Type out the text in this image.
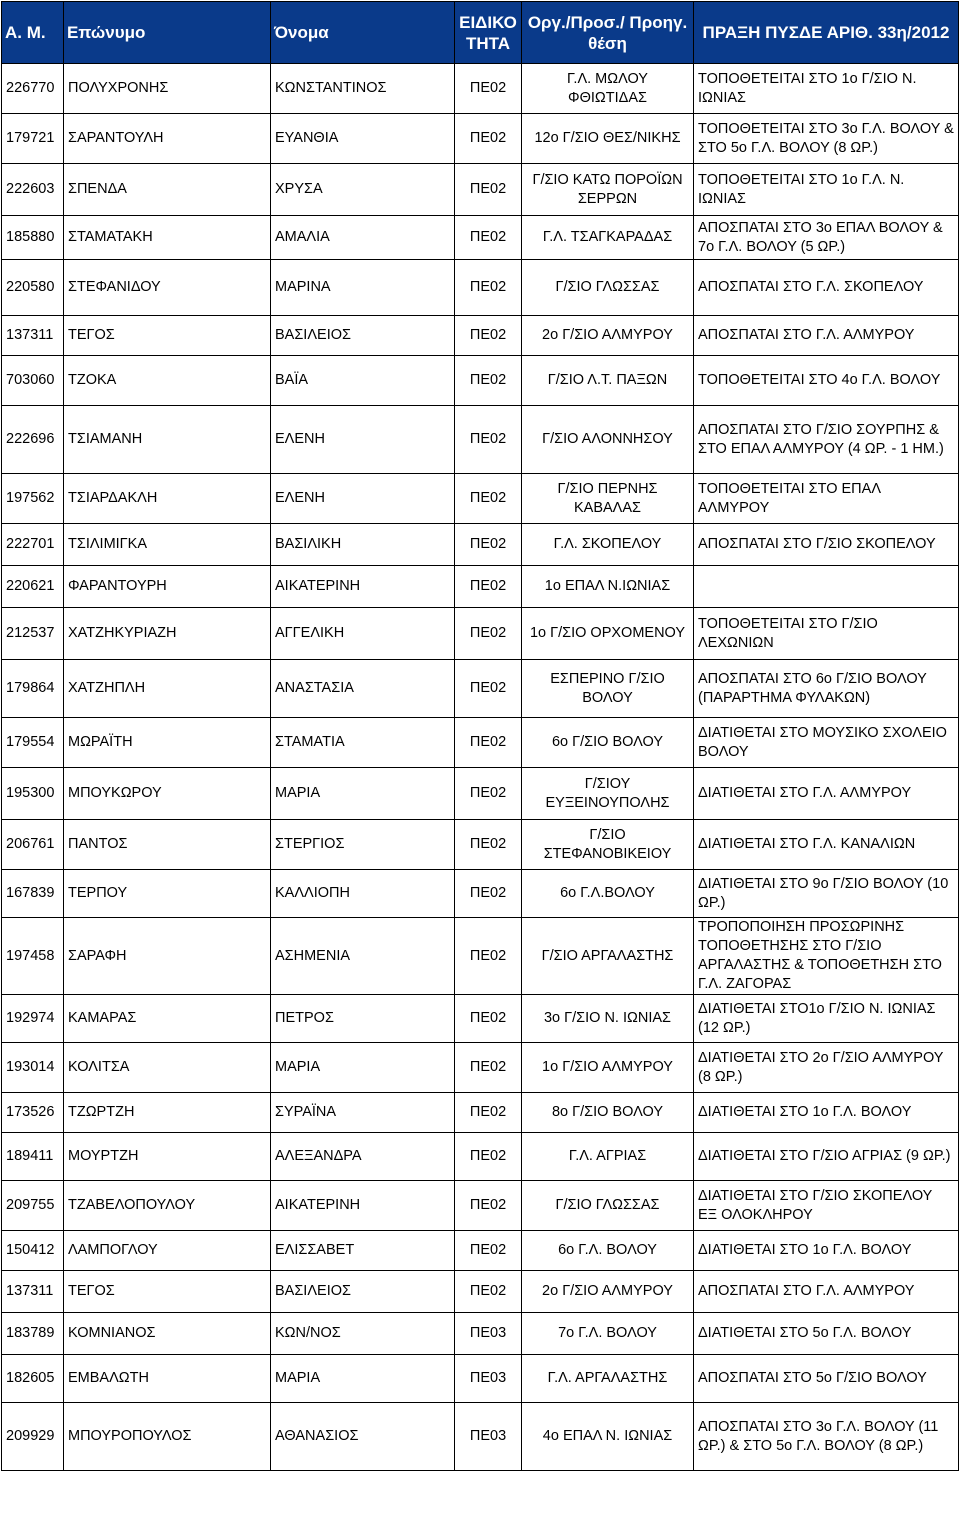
Α. Μ.	Επώνυμο	Όνομα	ΕΙΔΙΚΟ ΤΗΤΑ	Οργ./Προσ./ Προηγ. θέση	ΠΡΑΞΗ ΠΥΣΔΕ ΑΡΙΘ. 33η/2012
226770	ΠΟΛΥΧΡΟΝΗΣ	ΚΩΝΣΤΑΝΤΙΝΟΣ	ΠΕ02	Γ.Λ. ΜΩΛΟΥ ΦΘΙΩΤΙΔΑΣ	ΤΟΠΟΘΕΤΕΙΤΑΙ ΣΤΟ 1ο Γ/ΣΙΟ Ν. ΙΩΝΙΑΣ
179721	ΣΑΡΑΝΤΟΥΛΗ	ΕΥΑΝΘΙΑ	ΠΕ02	12ο Γ/ΣΙΟ ΘΕΣ/ΝΙΚΗΣ	ΤΟΠΟΘΕΤΕΙΤΑΙ ΣΤΟ 3ο Γ.Λ. ΒΟΛΟΥ & ΣΤΟ 5ο Γ.Λ. ΒΟΛΟΥ (8 ΩΡ.)
222603	ΣΠΕΝΔΑ	ΧΡΥΣΑ	ΠΕ02	Γ/ΣΙΟ ΚΑΤΩ ΠΟΡΟΪΩΝ ΣΕΡΡΩΝ	ΤΟΠΟΘΕΤΕΙΤΑΙ ΣΤΟ 1ο Γ.Λ. Ν. ΙΩΝΙΑΣ
185880	ΣΤΑΜΑΤΑΚΗ	ΑΜΑΛΙΑ	ΠΕ02	Γ.Λ. ΤΣΑΓΚΑΡΑΔΑΣ	ΑΠΟΣΠΑΤΑΙ ΣΤΟ 3ο ΕΠΑΛ ΒΟΛΟΥ & 7ο Γ.Λ. ΒΟΛΟΥ (5 ΩΡ.)
220580	ΣΤΕΦΑΝΙΔΟΥ	ΜΑΡΙΝΑ	ΠΕ02	Γ/ΣΙΟ ΓΛΩΣΣΑΣ	ΑΠΟΣΠΑΤΑΙ ΣΤΟ Γ.Λ. ΣΚΟΠΕΛΟΥ
137311	ΤΕΓΟΣ	ΒΑΣΙΛΕΙΟΣ	ΠΕ02	2ο Γ/ΣΙΟ ΑΛΜΥΡΟΥ	ΑΠΟΣΠΑΤΑΙ ΣΤΟ Γ.Λ. ΑΛΜΥΡΟΥ
703060	ΤΖΟΚΑ	ΒΑΪΑ	ΠΕ02	Γ/ΣΙΟ Λ.Τ. ΠΑΞΩΝ	ΤΟΠΟΘΕΤΕΙΤΑΙ ΣΤΟ 4ο Γ.Λ. ΒΟΛΟΥ
222696	ΤΣΙΑΜΑΝΗ	ΕΛΕΝΗ	ΠΕ02	Γ/ΣΙΟ ΑΛΟΝΝΗΣΟΥ	ΑΠΟΣΠΑΤΑΙ ΣΤΟ Γ/ΣΙΟ ΣΟΥΡΠΗΣ & ΣΤΟ ΕΠΑΛ ΑΛΜΥΡΟΥ (4 ΩΡ. - 1 ΗΜ.)
197562	ΤΣΙΑΡΔΑΚΛΗ	ΕΛΕΝΗ	ΠΕ02	Γ/ΣΙΟ ΠΕΡΝΗΣ ΚΑΒΑΛΑΣ	ΤΟΠΟΘΕΤΕΙΤΑΙ ΣΤΟ ΕΠΑΛ ΑΛΜΥΡΟΥ
222701	ΤΣΙΛΙΜΙΓΚΑ	ΒΑΣΙΛΙΚΗ	ΠΕ02	Γ.Λ. ΣΚΟΠΕΛΟΥ	ΑΠΟΣΠΑΤΑΙ ΣΤΟ Γ/ΣΙΟ ΣΚΟΠΕΛΟΥ
220621	ΦΑΡΑΝΤΟΥΡΗ	ΑΙΚΑΤΕΡΙΝΗ	ΠΕ02	1ο ΕΠΑΛ Ν.ΙΩΝΙΑΣ	
212537	ΧΑΤΖΗΚΥΡΙΑΖΗ	ΑΓΓΕΛΙΚΗ	ΠΕ02	1ο Γ/ΣΙΟ ΟΡΧΟΜΕΝΟΥ	ΤΟΠΟΘΕΤΕΙΤΑΙ ΣΤΟ Γ/ΣΙΟ ΛΕΧΩΝΙΩΝ
179864	ΧΑΤΖΗΠΛΗ	ΑΝΑΣΤΑΣΙΑ	ΠΕ02	ΕΣΠΕΡΙΝΟ Γ/ΣΙΟ ΒΟΛΟΥ	ΑΠΟΣΠΑΤΑΙ ΣΤΟ 6ο Γ/ΣΙΟ ΒΟΛΟΥ (ΠΑΡΑΡΤΗΜΑ ΦΥΛΑΚΩΝ)
179554	ΜΩΡΑΪΤΗ	ΣΤΑΜΑΤΙΑ	ΠΕ02	6ο Γ/ΣΙΟ ΒΟΛΟΥ	ΔΙΑΤΙΘΕΤΑΙ ΣΤΟ ΜΟΥΣΙΚΟ ΣΧΟΛΕΙΟ ΒΟΛΟΥ
195300	ΜΠΟΥΚΩΡΟΥ	ΜΑΡΙΑ	ΠΕ02	Γ/ΣΙΟΥ ΕΥΞΕΙΝΟΥΠΟΛΗΣ	ΔΙΑΤΙΘΕΤΑΙ ΣΤΟ Γ.Λ. ΑΛΜΥΡΟΥ
206761	ΠΑΝΤΟΣ	ΣΤΕΡΓΙΟΣ	ΠΕ02	Γ/ΣΙΟ ΣΤΕΦΑΝΟΒΙΚΕΙΟΥ	ΔΙΑΤΙΘΕΤΑΙ ΣΤΟ Γ.Λ. ΚΑΝΑΛΙΩΝ
167839	ΤΕΡΠΟΥ	ΚΑΛΛΙΟΠΗ	ΠΕ02	6ο Γ.Λ.ΒΟΛΟΥ	ΔΙΑΤΙΘΕΤΑΙ ΣΤΟ 9ο Γ/ΣΙΟ ΒΟΛΟΥ (10 ΩΡ.)
197458	ΣΑΡΑΦΗ	ΑΣΗΜΕΝΙΑ	ΠΕ02	Γ/ΣΙΟ ΑΡΓΑΛΑΣΤΗΣ	ΤΡΟΠΟΠΟΙΗΣΗ ΠΡΟΣΩΡΙΝΗΣ ΤΟΠΟΘΕΤΗΣΗΣ ΣΤΟ Γ/ΣΙΟ ΑΡΓΑΛΑΣΤΗΣ & ΤΟΠΟΘΕΤΗΣΗ ΣΤΟ Γ.Λ. ΖΑΓΟΡΑΣ
192974	ΚΑΜΑΡΑΣ	ΠΕΤΡΟΣ	ΠΕ02	3ο Γ/ΣΙΟ Ν. ΙΩΝΙΑΣ	ΔΙΑΤΙΘΕΤΑΙ ΣΤΟ1ο Γ/ΣΙΟ Ν. ΙΩΝΙΑΣ (12 ΩΡ.)
193014	ΚΟΛΙΤΣΑ	ΜΑΡΙΑ	ΠΕ02	1ο Γ/ΣΙΟ ΑΛΜΥΡΟΥ	ΔΙΑΤΙΘΕΤΑΙ ΣΤΟ 2ο Γ/ΣΙΟ ΑΛΜΥΡΟΥ (8 ΩΡ.)
173526	ΤΖΩΡΤΖΗ	ΣΥΡΑΪΝΑ	ΠΕ02	8ο Γ/ΣΙΟ ΒΟΛΟΥ	ΔΙΑΤΙΘΕΤΑΙ ΣΤΟ 1ο Γ.Λ. ΒΟΛΟΥ
189411	ΜΟΥΡΤΖΗ	ΑΛΕΞΑΝΔΡΑ	ΠΕ02	Γ.Λ. ΑΓΡΙΑΣ	ΔΙΑΤΙΘΕΤΑΙ ΣΤΟ Γ/ΣΙΟ ΑΓΡΙΑΣ (9 ΩΡ.)
209755	ΤΖΑΒΕΛΟΠΟΥΛΟΥ	ΑΙΚΑΤΕΡΙΝΗ	ΠΕ02	Γ/ΣΙΟ ΓΛΩΣΣΑΣ	ΔΙΑΤΙΘΕΤΑΙ ΣΤΟ Γ/ΣΙΟ ΣΚΟΠΕΛΟΥ ΕΞ ΟΛΟΚΛΗΡΟΥ
150412	ΛΑΜΠΟΓΛΟΥ	ΕΛΙΣΣΑΒΕΤ	ΠΕ02	6ο Γ.Λ. ΒΟΛΟΥ	ΔΙΑΤΙΘΕΤΑΙ ΣΤΟ 1ο Γ.Λ. ΒΟΛΟΥ
137311	ΤΕΓΟΣ	ΒΑΣΙΛΕΙΟΣ	ΠΕ02	2ο Γ/ΣΙΟ ΑΛΜΥΡΟΥ	ΑΠΟΣΠΑΤΑΙ ΣΤΟ Γ.Λ. ΑΛΜΥΡΟΥ
183789	ΚΟΜΝΙΑΝΟΣ	ΚΩΝ/ΝΟΣ	ΠΕ03	7ο Γ.Λ. ΒΟΛΟΥ	ΔΙΑΤΙΘΕΤΑΙ ΣΤΟ 5ο Γ.Λ. ΒΟΛΟΥ
182605	ΕΜΒΑΛΩΤΗ	ΜΑΡΙΑ	ΠΕ03	Γ.Λ. ΑΡΓΑΛΑΣΤΗΣ	ΑΠΟΣΠΑΤΑΙ ΣΤΟ 5ο Γ/ΣΙΟ ΒΟΛΟΥ
209929	ΜΠΟΥΡΟΠΟΥΛΟΣ	ΑΘΑΝΑΣΙΟΣ	ΠΕ03	4ο ΕΠΑΛ Ν. ΙΩΝΙΑΣ	ΑΠΟΣΠΑΤΑΙ ΣΤΟ 3ο Γ.Λ. ΒΟΛΟΥ (11 ΩΡ.) & ΣΤΟ 5ο Γ.Λ. ΒΟΛΟΥ (8 ΩΡ.)
